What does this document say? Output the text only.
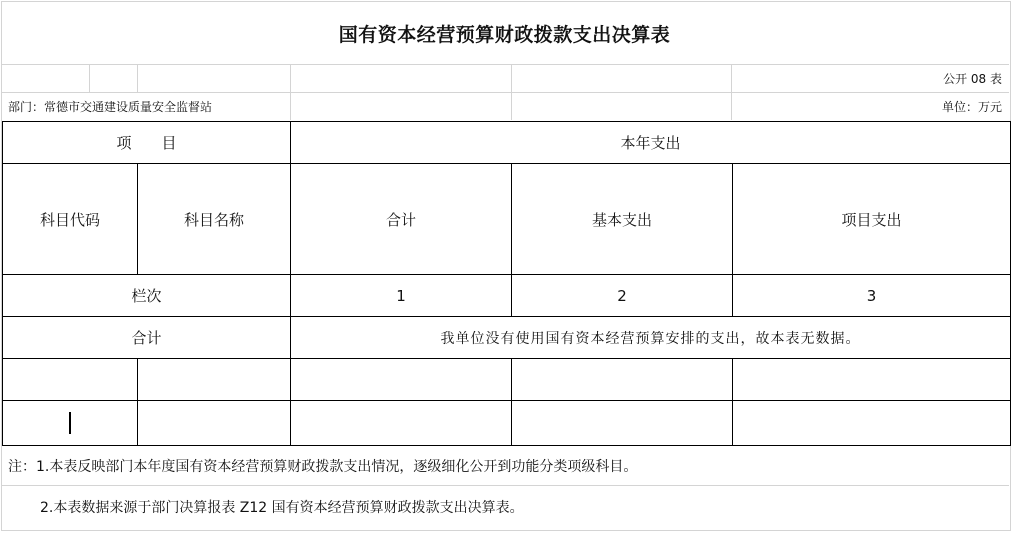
国有资本经营预算财政拨款支出决算表
公开 08 表
部门：常德市交通建设质量安全监督站	单位：万元
项　　目		本年支出		
科目代码	科目名称	合计	基本支出	项目支出
栏次		1	2	3
合计		我单位没有使用国有资本经营预算安排的支出，故本表无数据。		

注：1.本表反映部门本年度国有资本经营预算财政拨款支出情况，逐级细化公开到功能分类项级科目。
2.本表数据来源于部门决算报表 Z12 国有资本经营预算财政拨款支出决算表。
